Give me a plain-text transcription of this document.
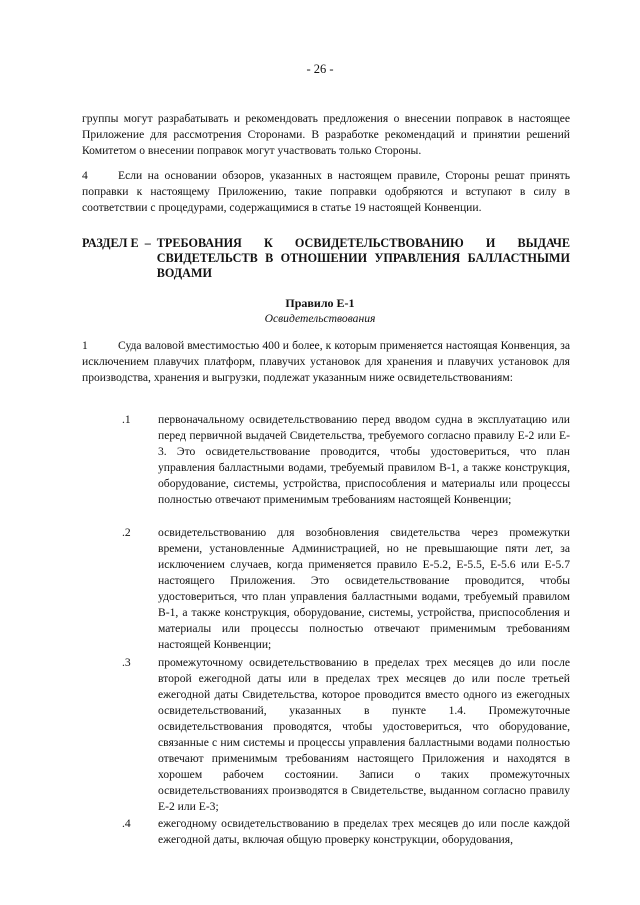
- 26 -
группы могут разрабатывать и рекомендовать предложения о внесении поправок в настоящее Приложение для рассмотрения Сторонами. В разработке рекомендаций и принятии решений Комитетом о внесении поправок могут участвовать только Стороны.
4	Если на основании обзоров, указанных в настоящем правиле, Стороны решат принять поправки к настоящему Приложению, такие поправки одобряются и вступают в силу в соответствии с процедурами, содержащимися в статье 19 настоящей Конвенции.
РАЗДЕЛ E – ТРЕБОВАНИЯ К ОСВИДЕТЕЛЬСТВОВАНИЮ И ВЫДАЧЕ СВИДЕТЕЛЬСТВ В ОТНОШЕНИИ УПРАВЛЕНИЯ БАЛЛАСТНЫМИ ВОДАМИ
Правило E-1
Освидетельствования
1	Суда валовой вместимостью 400 и более, к которым применяется настоящая Конвенция, за исключением плавучих платформ, плавучих установок для хранения и плавучих установок для производства, хранения и выгрузки, подлежат указанным ниже освидетельствованиям:
.1	первоначальному освидетельствованию перед вводом судна в эксплуатацию или перед первичной выдачей Свидетельства, требуемого согласно правилу E-2 или E-3. Это освидетельствование проводится, чтобы удостовериться, что план управления балластными водами, требуемый правилом B-1, а также конструкция, оборудование, системы, устройства, приспособления и материалы или процессы полностью отвечают применимым требованиям настоящей Конвенции;
.2	освидетельствованию для возобновления свидетельства через промежутки времени, установленные Администрацией, но не превышающие пяти лет, за исключением случаев, когда применяется правило E-5.2, E-5.5, E-5.6 или E-5.7 настоящего Приложения. Это освидетельствование проводится, чтобы удостовериться, что план управления балластными водами, требуемый правилом B-1, а также конструкция, оборудование, системы, устройства, приспособления и материалы или процессы полностью отвечают применимым требованиям настоящей Конвенции;
.3	промежуточному освидетельствованию в пределах трех месяцев до или после второй ежегодной даты или в пределах трех месяцев до или после третьей ежегодной даты Свидетельства, которое проводится вместо одного из ежегодных освидетельствований, указанных в пункте 1.4. Промежуточные освидетельствования проводятся, чтобы удостовериться, что оборудование, связанные с ним системы и процессы управления балластными водами полностью отвечают применимым требованиям настоящего Приложения и находятся в хорошем рабочем состоянии. Записи о таких промежуточных освидетельствованиях производятся в Свидетельстве, выданном согласно правилу E-2 или E-3;
.4	ежегодному освидетельствованию в пределах трех месяцев до или после каждой ежегодной даты, включая общую проверку конструкции, оборудования,
